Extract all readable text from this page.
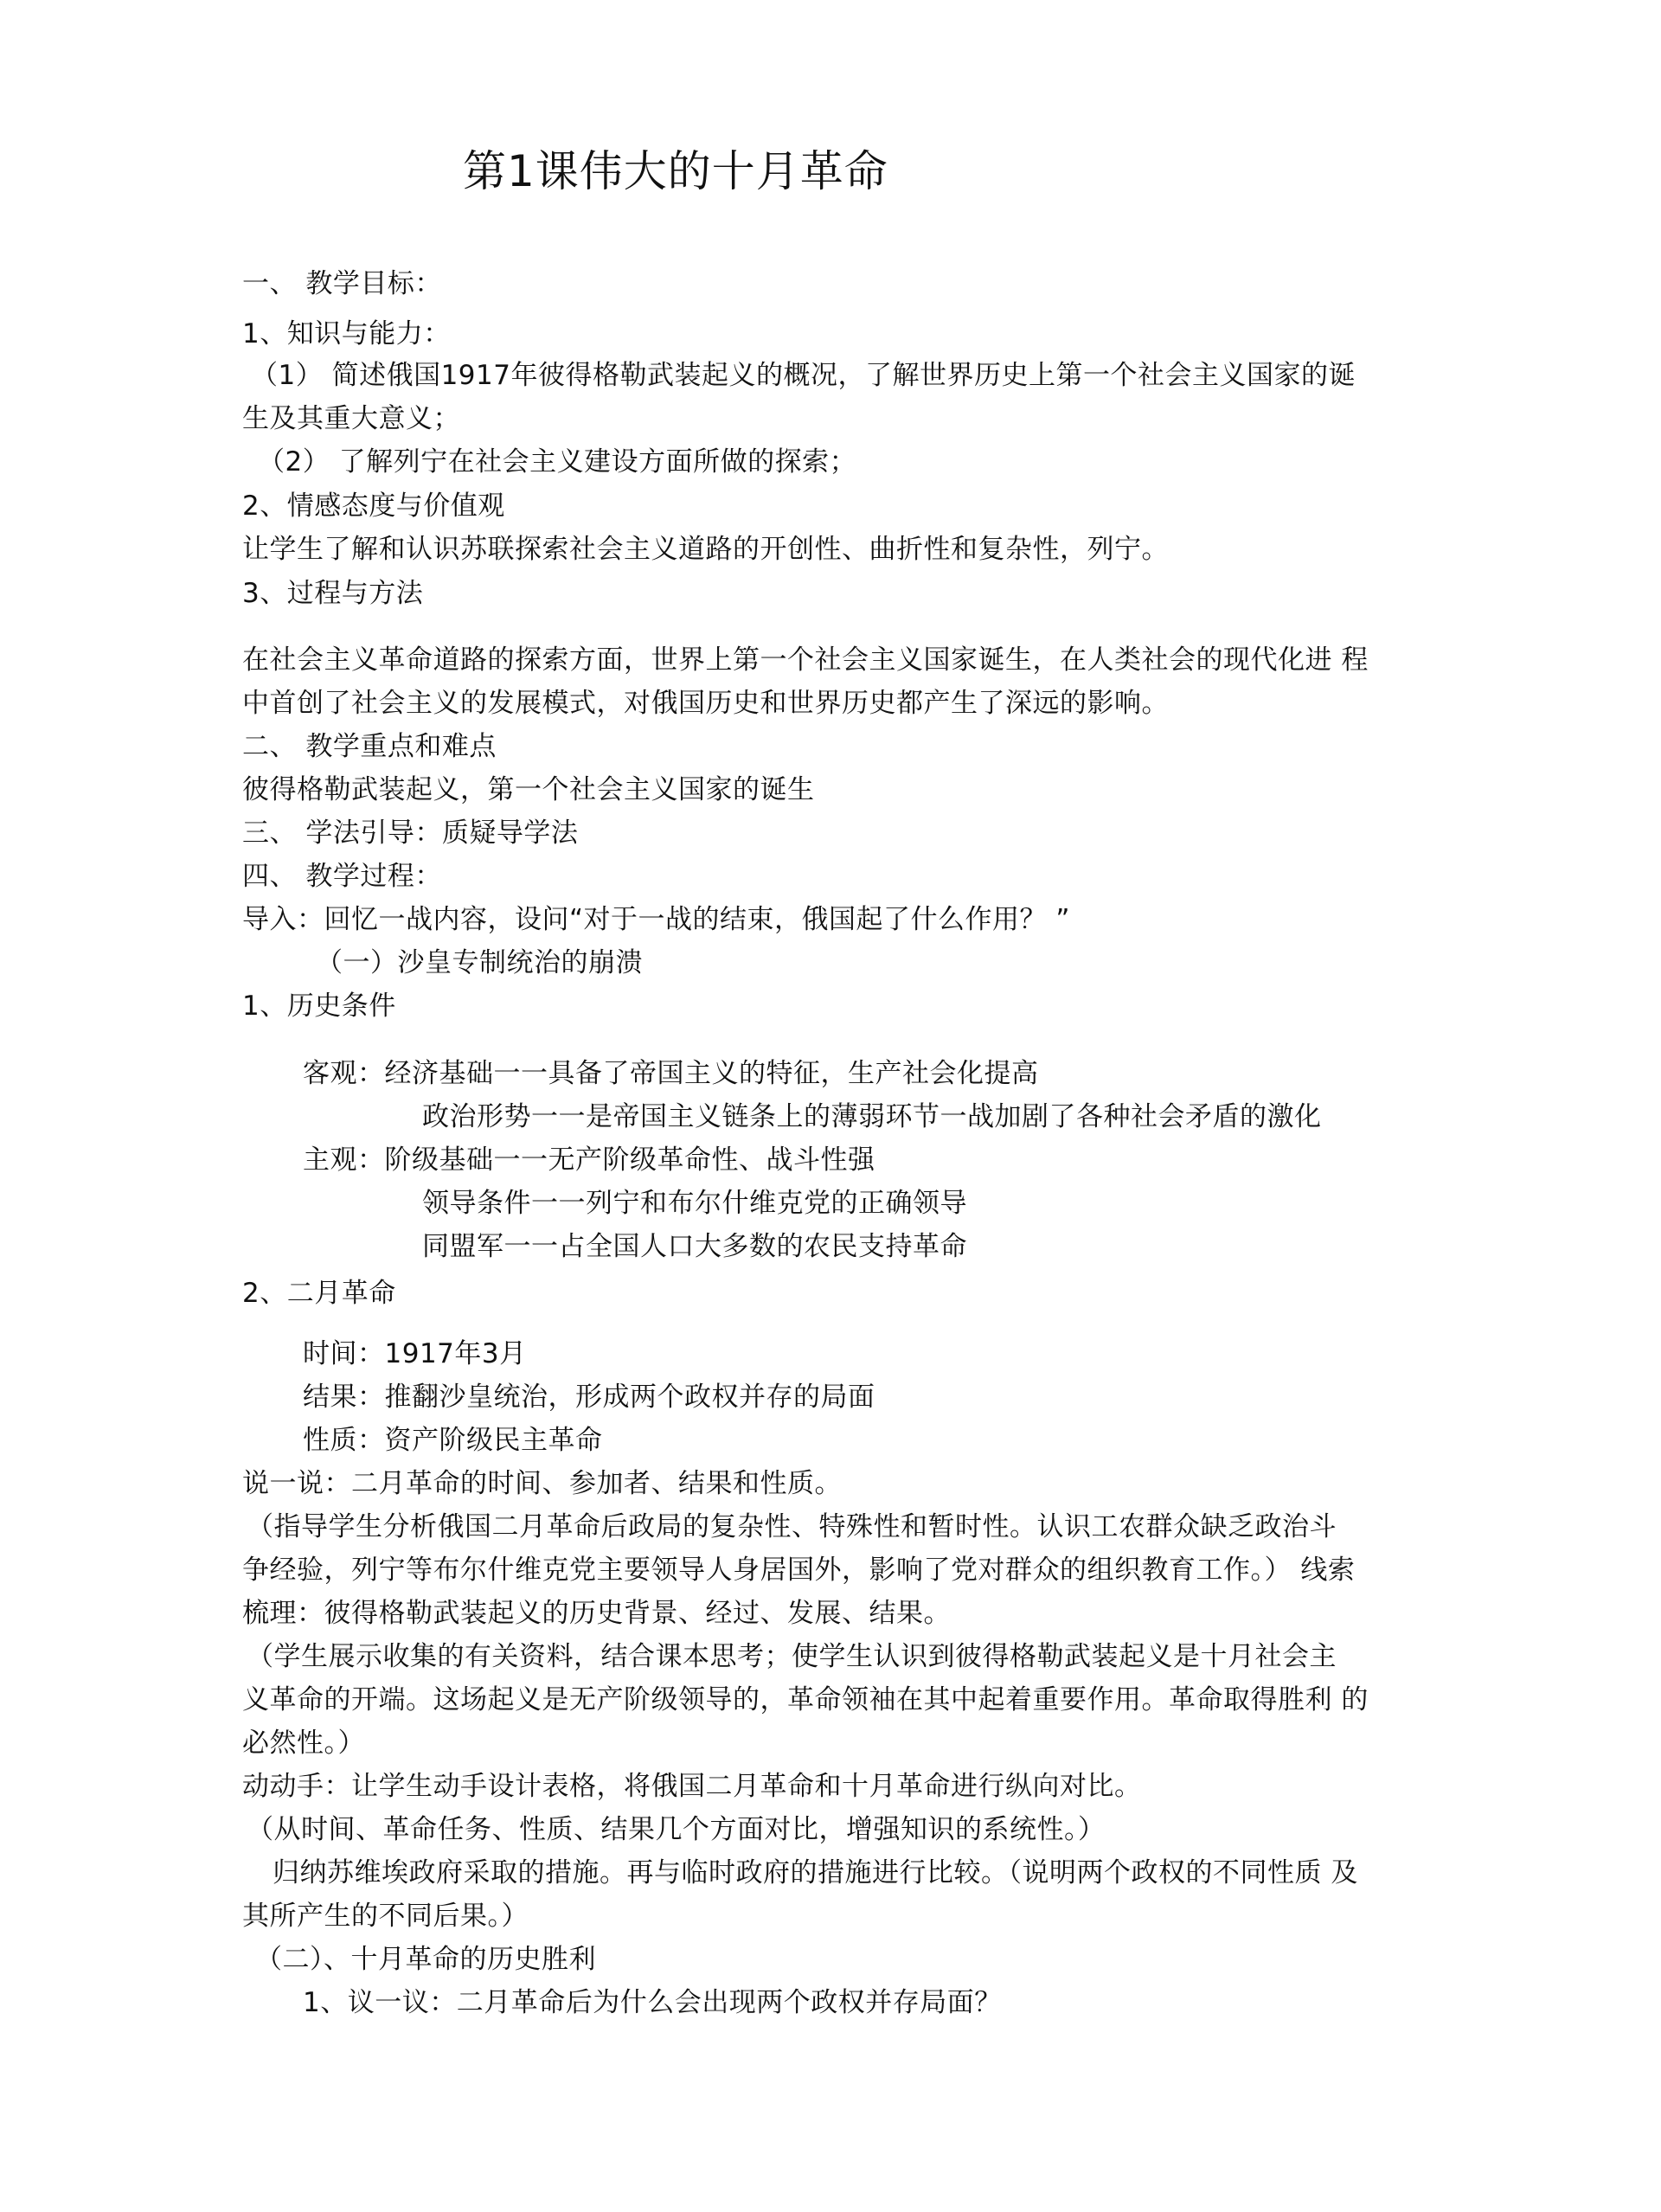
第1课伟大的十月革命
一、 教学目标：
1、知识与能力：
（1） 简述俄国1917年彼得格勒武装起义的概况，了解世界历史上第一个社会主义国家的诞
生及其重大意义；
（2） 了解列宁在社会主义建设方面所做的探索；
2、情感态度与价值观
让学生了解和认识苏联探索社会主义道路的开创性、曲折性和复杂性，列宁。
3、过程与方法
在社会主义革命道路的探索方面，世界上第一个社会主义国家诞生，在人类社会的现代化进 程
中首创了社会主义的发展模式，对俄国历史和世界历史都产生了深远的影响。
二、 教学重点和难点
彼得格勒武装起义，第一个社会主义国家的诞生
三、 学法引导：质疑导学法
四、 教学过程：
导入：回忆一战内容，设问“对于一战的结束，俄国起了什么作用？ ”
（一）沙皇专制统治的崩溃
1、历史条件
客观：经济基础一一具备了帝国主义的特征，生产社会化提高
政治形势一一是帝国主义链条上的薄弱环节一战加剧了各种社会矛盾的激化
主观：阶级基础一一无产阶级革命性、战斗性强
领导条件一一列宁和布尔什维克党的正确领导
同盟军一一占全国人口大多数的农民支持革命
2、二月革命
时间：1917年3月
结果：推翻沙皇统治，形成两个政权并存的局面
性质：资产阶级民主革命
说一说：二月革命的时间、参加者、结果和性质。
（指导学生分析俄国二月革命后政局的复杂性、特殊性和暂时性。认识工农群众缺乏政治斗
争经验，列宁等布尔什维克党主要领导人身居国外，影响了党对群众的组织教育工作。） 线索
梳理：彼得格勒武装起义的历史背景、经过、发展、结果。
（学生展示收集的有关资料，结合课本思考；使学生认识到彼得格勒武装起义是十月社会主
义革命的开端。这场起义是无产阶级领导的，革命领袖在其中起着重要作用。革命取得胜利 的
必然性。）
动动手：让学生动手设计表格，将俄国二月革命和十月革命进行纵向对比。
（从时间、革命任务、性质、结果几个方面对比，增强知识的系统性。）
归纳苏维埃政府采取的措施。再与临时政府的措施进行比较。（说明两个政权的不同性质 及
其所产生的不同后果。）
（二）、十月革命的历史胜利
1、议一议：二月革命后为什么会出现两个政权并存局面？
